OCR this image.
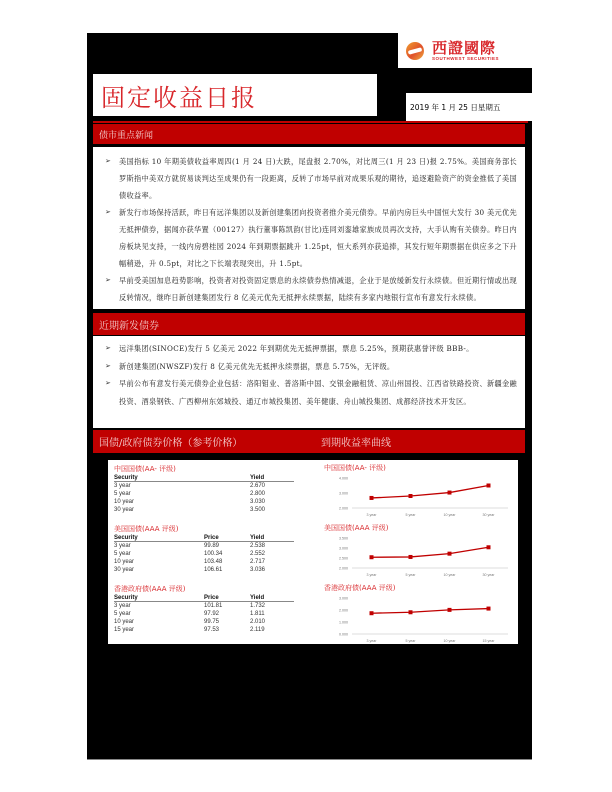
西證國際
SOUTHWEST SECURITIES
固定收益日报	2019 年 1 月 25 日星期五
债市重点新闻
➢	美国指标 10 年期美债收益率周四(1 月 24 日)大跌，尾盘报 2.70%，对比周三(1 月 23 日)报 2.75%。美国商务部长罗斯指中美双方就贸易谈判达至成果仍有一段距离，反转了市场早前对成果乐观的期待，追逐避险资产的资金推低了美国债收益率。
➢	新发行市场保持活跃，昨日有远洋集团以及新创建集团向投资者推介美元债券。早前内房巨头中国恒大发行 30 美元优先无抵押债券，据闻亦获华置（00127）执行董事陈凯韵(甘比)连同刘銮雄家族成员再次支持，大手认购有关债券。昨日内房板块见支持，一线内房碧桂园 2024 年到期票据跳升 1.25pt，恒大系列亦获追捧，其发行短年期票据在供应多之下升幅稍逊，升 0.5pt，对比之下长端表现突出，升 1.5pt。
➢	早前受美国加息趋势影响，投资者对投资固定票息的永续债券热情减退，企业于是放缓新发行永续债。但近期行情或出现反转情况，继昨日新创建集团发行 8 亿美元优先无抵押永续票据，陆续有多家内地银行宣布有意发行永续债。
近期新发债券
➢	远洋集团(SINOCE)发行 5 亿美元 2022 年到期优先无抵押票据，票息 5.25%，预期获惠誉评级 BBB-。
➢	新创建集团(NWSZF)发行 8 亿美元优先无抵押永续票据，票息 5.75%，无评级。
➢	早前公布有意发行美元债券企业包括：洛阳钼业、普洛斯中国、交银金融租赁、凉山州国投、江西省铁路投资、新疆金融投资、酒泉钢铁、广西柳州东郊城投、通辽市城投集团、美年健康、舟山城投集团、成都经济技术开发区。
国债/政府债券价格（参考价格）	到期收益率曲线
中国国债(AA- 评级)
Security	Yield
3 year	2.670
5 year	2.800
10 year	3.030
30 year	3.500
美国国债(AAA 评级)
Security	Price	Yield
3 year	99.89	2.538
5 year	100.34	2.552
10 year	103.48	2.717
30 year	106.61	3.036
香港政府债(AAA 评级)
Security	Price	Yield
3 year	101.81	1.732
5 year	97.92	1.811
10 year	99.75	2.010
15 year	97.53	2.119
中国国债(AA- 评级)
2.000
3.000
4.000
3 year	5 year	10 year	30 year
美国国债(AAA 评级)
2.000
2.500
3.000
3.500
3 year	5 year	10 year	30 year
香港政府债(AAA 评级)
0.000
1.000
2.000
3.000
3 year	5 year	10 year	15 year
